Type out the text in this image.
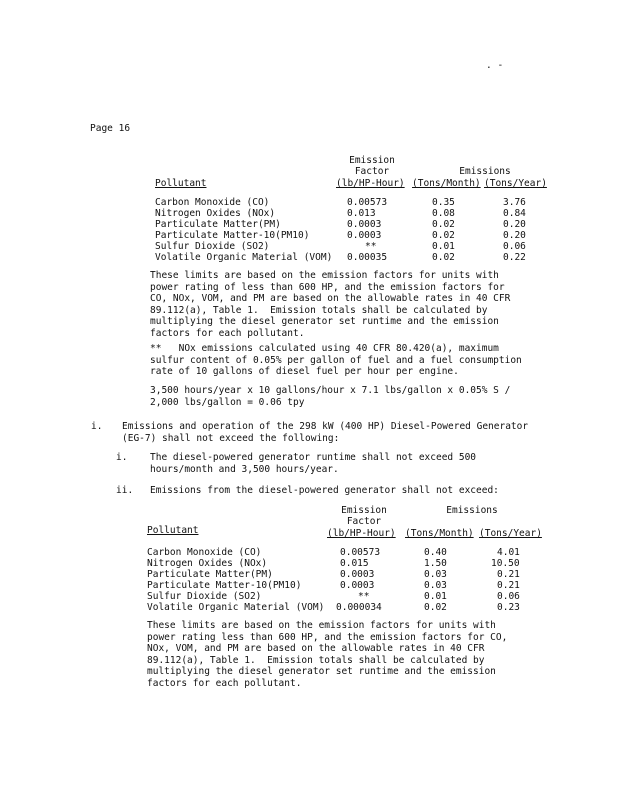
. -
Page 16
Emission
Factor	Emissions
Pollutant	(lb/HP-Hour) (Tons/Month) (Tons/Year)
Carbon Monoxide (CO)	0.00573	0.35	3.76
Nitrogen Oxides (NOx)	0.013	0.08	0.84
Particulate Matter(PM)	0.0003	0.02	0.20
Particulate Matter-10(PM10)	0.0003	0.02	0.20
Sulfur Dioxide (SO2)	**	0.01	0.06
Volatile Organic Material (VOM) 0.00035	0.02	0.22
These limits are based on the emission factors for units with
power rating of less than 600 HP, and the emission factors for
CO, NOx, VOM, and PM are based on the allowable rates in 40 CFR
89.112(a), Table 1.  Emission totals shall be calculated by
multiplying the diesel generator set runtime and the emission
factors for each pollutant.
**   NOx emissions calculated using 40 CFR 80.420(a), maximum
sulfur content of 0.05% per gallon of fuel and a fuel consumption
rate of 10 gallons of diesel fuel per hour per engine.
3,500 hours/year x 10 gallons/hour x 7.1 lbs/gallon x 0.05% S /
2,000 lbs/gallon = 0.06 tpy
i. Emissions and operation of the 298 kW (400 HP) Diesel-Powered Generator
(EG-7) shall not exceed the following:
i. The diesel-powered generator runtime shall not exceed 500
hours/month and 3,500 hours/year.
ii. Emissions from the diesel-powered generator shall not exceed:
Emission
Factor
Emissions
Pollutant	(lb/HP-Hour) (Tons/Month) (Tons/Year)
Carbon Monoxide (CO)	0.00573	0.40	4.01
Nitrogen Oxides (NOx)	0.015	1.50	10.50
Particulate Matter(PM)	0.0003	0.03	0.21
Particulate Matter-10(PM10)	0.0003	0.03	0.21
Sulfur Dioxide (SO2)	**	0.01	0.06
Volatile Organic Material (VOM) 0.000034	0.02	0.23
These limits are based on the emission factors for units with
power rating less than 600 HP, and the emission factors for CO,
NOx, VOM, and PM are based on the allowable rates in 40 CFR
89.112(a), Table 1.  Emission totals shall be calculated by
multiplying the diesel generator set runtime and the emission
factors for each pollutant.
